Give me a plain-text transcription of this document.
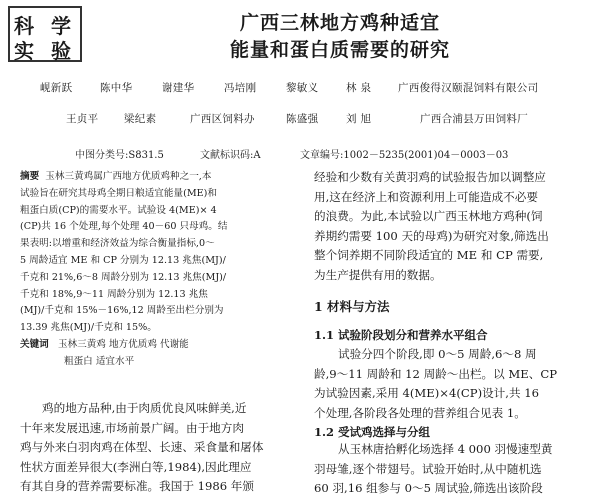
科 学
实 验
广西三林地方鸡种适宜
能量和蛋白质需要的研究
岘新跃	陈中华	谢建华	冯培刚	黎敏义	林 泉	广西俊得汉颐混饲料有限公司
王贞平 梁纪素	广西区饲料办	陈盛强	刘 旭	广西合浦县万田饲料厂
中图分类号:S831.5	文献标识码:A	文章编号:1002－5235(2001)04－0003－03
摘要 玉林三黄鸡属广西地方优质鸡种之一,本
试验旨在研究其母鸡全期日粮适宜能量(ME)和
粗蛋白质(CP)的需要水平。试验设 4(ME)× 4
(CP)共 16 个处理,每个处理 40－60 只母鸡。结
果表明:以增重和经济效益为综合衡量指标,0～
5 周龄适宜 ME 和 CP 分别为 12.13 兆焦(MJ)/
千克和 21%,6～8 周龄分别为 12.13 兆焦(MJ)/
千克和 18%,9～11 周龄分别为 12.13 兆焦
(MJ)/千克和 15%－16%,12 周龄至出栏分别为
13.39 兆焦(MJ)/千克和 15%。
关键词 玉林三黄鸡 地方优质鸡 代谢能
粗蛋白 适宜水平
鸡的地方品种,由于肉质优良风味鲜美,近
十年来发展迅速,市场前景广阔。由于地方肉
鸡与外来白羽肉鸡在体型、长速、采食量和屠体
性状方面差异很大(李洲白等,1984),因此理应
有其自身的营养需要标准。我国于 1986 年颁
经验和少数有关黄羽鸡的试验报告加以调整应
用,这在经济上和资源利用上可能造成不必要
的浪费。为此,本试验以广西玉林地方鸡种(饲
养期约需要 100 天的母鸡)为研究对象,筛选出
整个饲养期不同阶段适宜的 ME 和 CP 需要,
为生产提供有用的数据。
1 材料与方法
1.1 试验阶段划分和营养水平组合
试验分四个阶段,即 0～5 周龄,6～8 周
龄,9～11 周龄和 12 周龄～出栏。以 ME、CP
为试验因素,采用 4(ME)×4(CP)设计,共 16
个处理,各阶段各处理的营养组合见表 1。
1.2 受试鸡选择与分组
从玉林唐拾孵化场选择 4 000 羽慢速型黄
羽母雏,逐个带翅号。试验开始时,从中随机选
60 羽,16 组参与 0～5 周试验,筛选出该阶段
